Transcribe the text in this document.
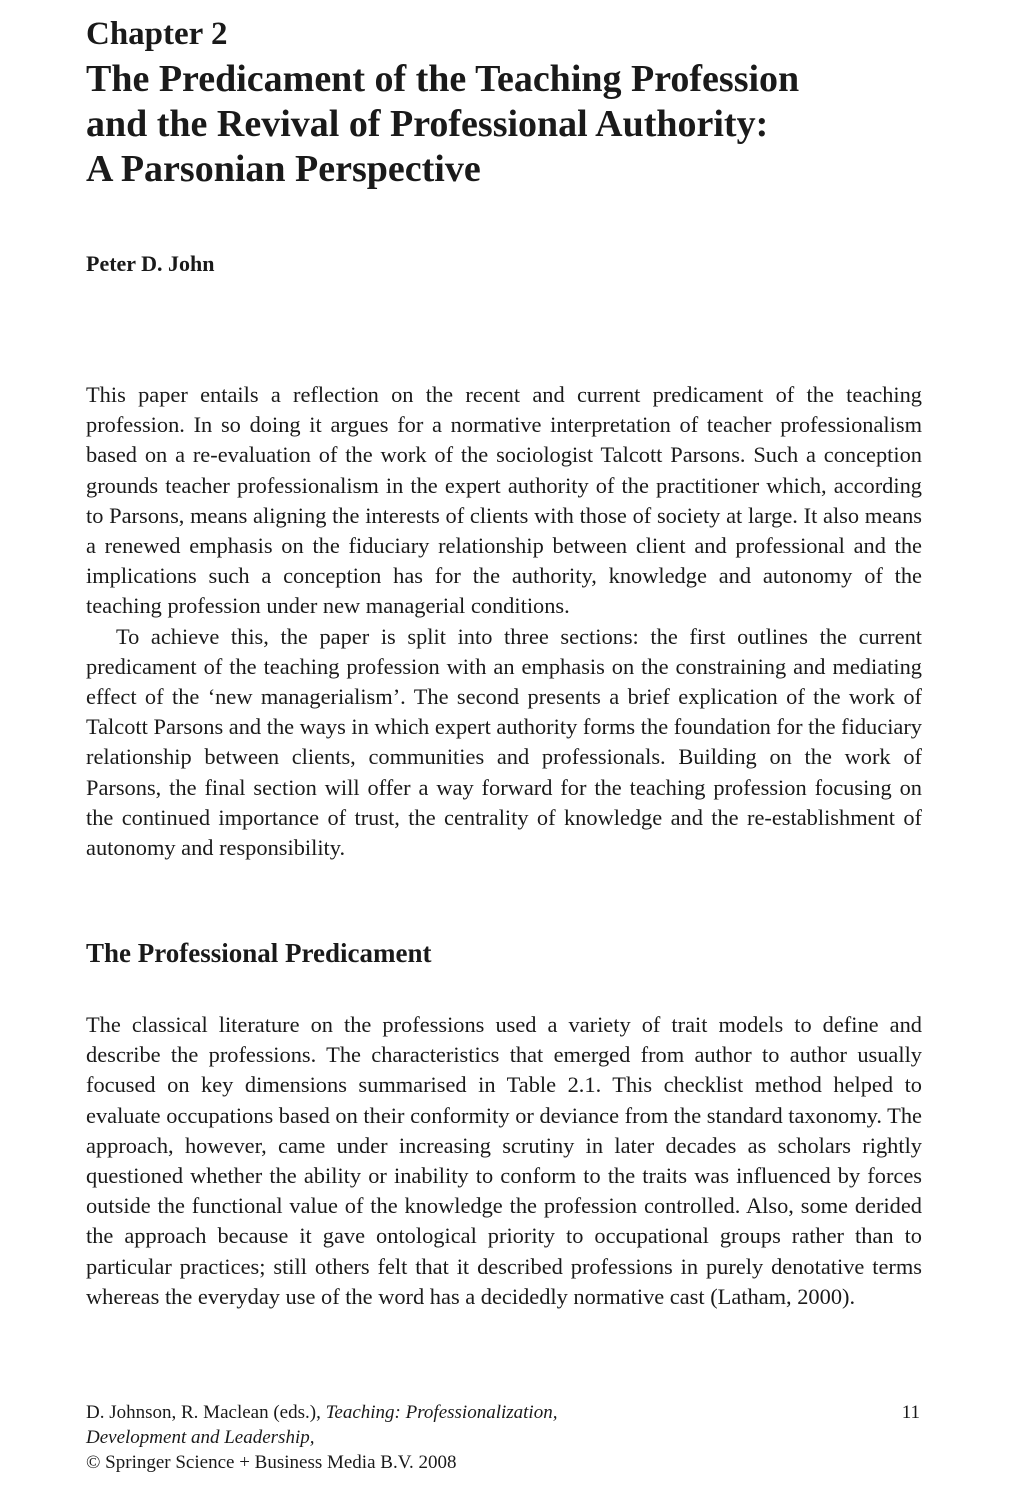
Chapter 2
The Predicament of the Teaching Profession
and the Revival of Professional Authority:
A Parsonian Perspective

Peter D. John

This paper entails a reflection on the recent and current predicament of the teaching profession. In so doing it argues for a normative interpretation of teacher professionalism based on a re-evaluation of the work of the sociologist Talcott Parsons. Such a conception grounds teacher professionalism in the expert authority of the practitioner which, according to Parsons, means aligning the interests of clients with those of society at large. It also means a renewed emphasis on the fiduciary relationship between client and professional and the implications such a conception has for the authority, knowledge and autonomy of the teaching profession under new managerial conditions.

To achieve this, the paper is split into three sections: the first outlines the current predicament of the teaching profession with an emphasis on the constraining and mediating effect of the ‘new managerialism’. The second presents a brief explication of the work of Talcott Parsons and the ways in which expert authority forms the foundation for the fiduciary relationship between clients, communities and professionals. Building on the work of Parsons, the final section will offer a way forward for the teaching profession focusing on the continued importance of trust, the centrality of knowledge and the re-establishment of autonomy and responsibility.

The Professional Predicament

The classical literature on the professions used a variety of trait models to define and describe the professions. The characteristics that emerged from author to author usually focused on key dimensions summarised in Table 2.1. This checklist method helped to evaluate occupations based on their conformity or deviance from the standard taxonomy. The approach, however, came under increasing scrutiny in later decades as scholars rightly questioned whether the ability or inability to conform to the traits was influenced by forces outside the functional value of the knowledge the profession controlled. Also, some derided the approach because it gave ontological priority to occupational groups rather than to particular practices; still others felt that it described professions in purely denotative terms whereas the everyday use of the word has a decidedly normative cast (Latham, 2000).

D. Johnson, R. Maclean (eds.), Teaching: Professionalization,
Development and Leadership,
© Springer Science + Business Media B.V. 2008
11
